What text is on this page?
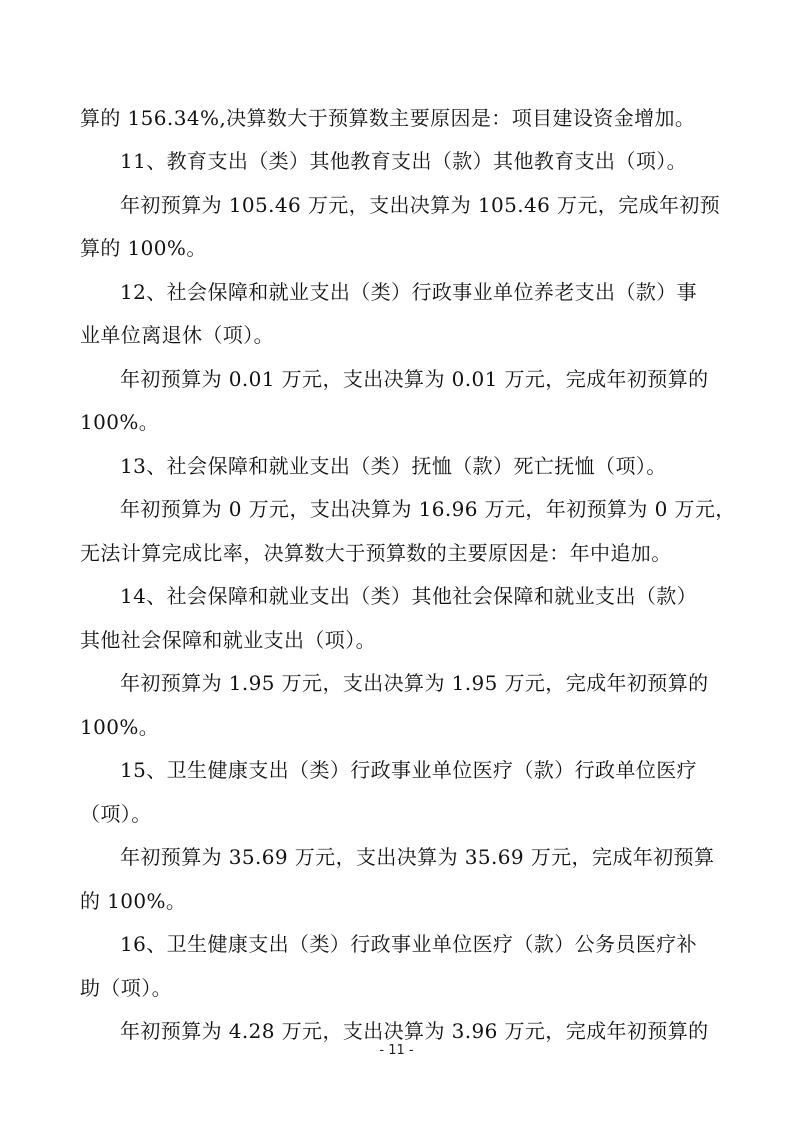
算的 156.34%,决算数大于预算数主要原因是：项目建设资金增加。
11、教育支出（类）其他教育支出（款）其他教育支出（项）。
年初预算为 105.46 万元，支出决算为 105.46 万元，完成年初预
算的 100%。
12、社会保障和就业支出（类）行政事业单位养老支出（款）事
业单位离退休（项）。
年初预算为 0.01 万元，支出决算为 0.01 万元，完成年初预算的
100%。
13、社会保障和就业支出（类）抚恤（款）死亡抚恤（项）。
年初预算为 0 万元，支出决算为 16.96 万元，年初预算为 0 万元，
无法计算完成比率，决算数大于预算数的主要原因是：年中追加。
14、社会保障和就业支出（类）其他社会保障和就业支出（款）
其他社会保障和就业支出（项）。
年初预算为 1.95 万元，支出决算为 1.95 万元，完成年初预算的
100%。
15、卫生健康支出（类）行政事业单位医疗（款）行政单位医疗
（项）。
年初预算为 35.69 万元，支出决算为 35.69 万元，完成年初预算
的 100%。
16、卫生健康支出（类）行政事业单位医疗（款）公务员医疗补
助（项）。
年初预算为 4.28 万元，支出决算为 3.96 万元，完成年初预算的
- 11 -
